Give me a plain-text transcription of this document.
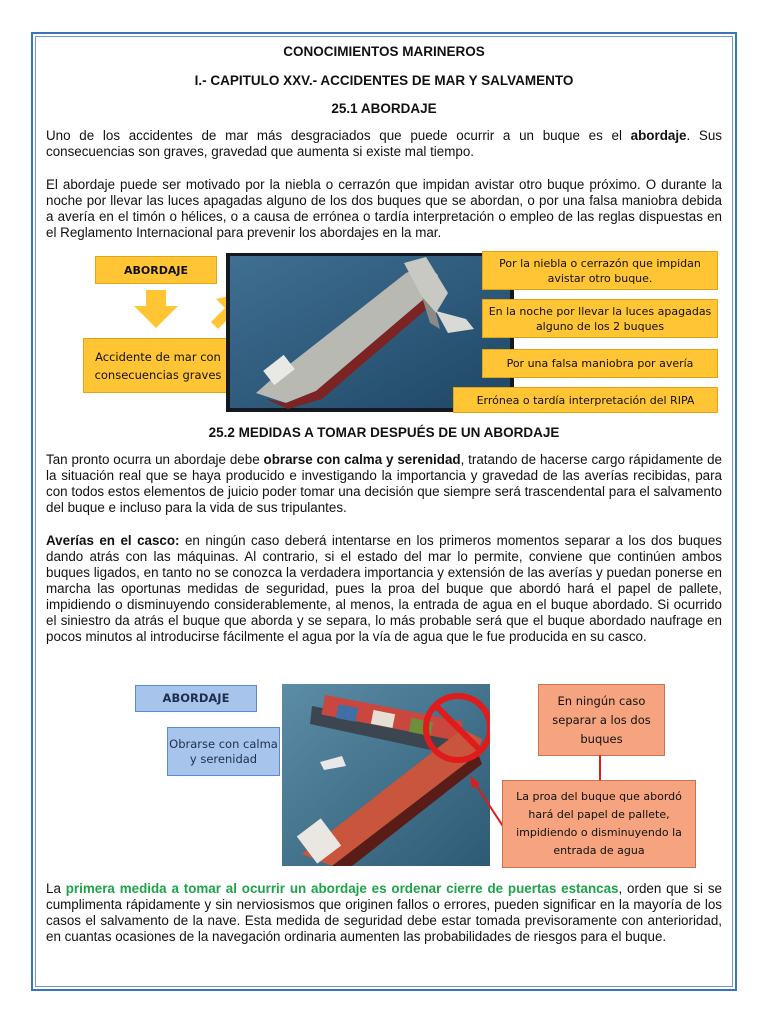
CONOCIMIENTOS MARINEROS
I.- CAPITULO XXV.- ACCIDENTES DE MAR Y SALVAMENTO
25.1 ABORDAJE
Uno de los accidentes de mar más desgraciados que puede ocurrir a un buque es el abordaje. Sus consecuencias son graves, gravedad que aumenta si existe mal tiempo.
El abordaje puede ser motivado por la niebla o cerrazón que impidan avistar otro buque próximo. O durante la noche por llevar las luces apagadas alguno de los dos buques que se abordan, o por una falsa maniobra debida a avería en el timón o hélices, o a causa de errónea o tardía interpretación o empleo de las reglas dispuestas en el Reglamento Internacional para prevenir los abordajes en la mar.
ABORDAJE
Accidente de mar con consecuencias graves
Por la niebla o cerrazón que impidan avistar otro buque.
En la noche por llevar la luces apagadas alguno de los 2 buques
Por una falsa maniobra por avería
Errónea o tardía interpretación del RIPA
25.2 MEDIDAS A TOMAR DESPUÉS DE UN ABORDAJE
Tan pronto ocurra un abordaje debe obrarse con calma y serenidad, tratando de hacerse cargo rápidamente de la situación real que se haya producido e investigando la importancia y gravedad de las averías recibidas, para con todos estos elementos de juicio poder tomar una decisión que siempre será trascendental para el salvamento del buque e incluso para la vida de sus tripulantes.
Averías en el casco: en ningún caso deberá intentarse en los primeros momentos separar a los dos buques dando atrás con las máquinas. Al contrario, si el estado del mar lo permite, conviene que continúen ambos buques ligados, en tanto no se conozca la verdadera importancia y extensión de las averías y puedan ponerse en marcha las oportunas medidas de seguridad, pues la proa del buque que abordó hará el papel de pallete, impidiendo o disminuyendo considerablemente, al menos, la entrada de agua en el buque abordado. Si ocurrido el siniestro da atrás el buque que aborda y se separa, lo más probable será que el buque abordado naufrage en pocos minutos al introducirse fácilmente el agua por la vía de agua que le fue producida en su casco.
ABORDAJE
Obrarse con calma y serenidad
En ningún caso separar a los dos buques
La proa del buque que abordó hará del papel de pallete, impidiendo o disminuyendo la entrada de agua
La primera medida a tomar al ocurrir un abordaje es ordenar cierre de puertas estancas, orden que si se cumplimenta rápidamente y sin nerviosismos que originen fallos o errores, pueden significar en la mayoría de los casos el salvamento de la nave. Esta medida de seguridad debe estar tomada previsoramente con anterioridad, en cuantas ocasiones de la navegación ordinaria aumenten las probabilidades de riesgos para el buque.
